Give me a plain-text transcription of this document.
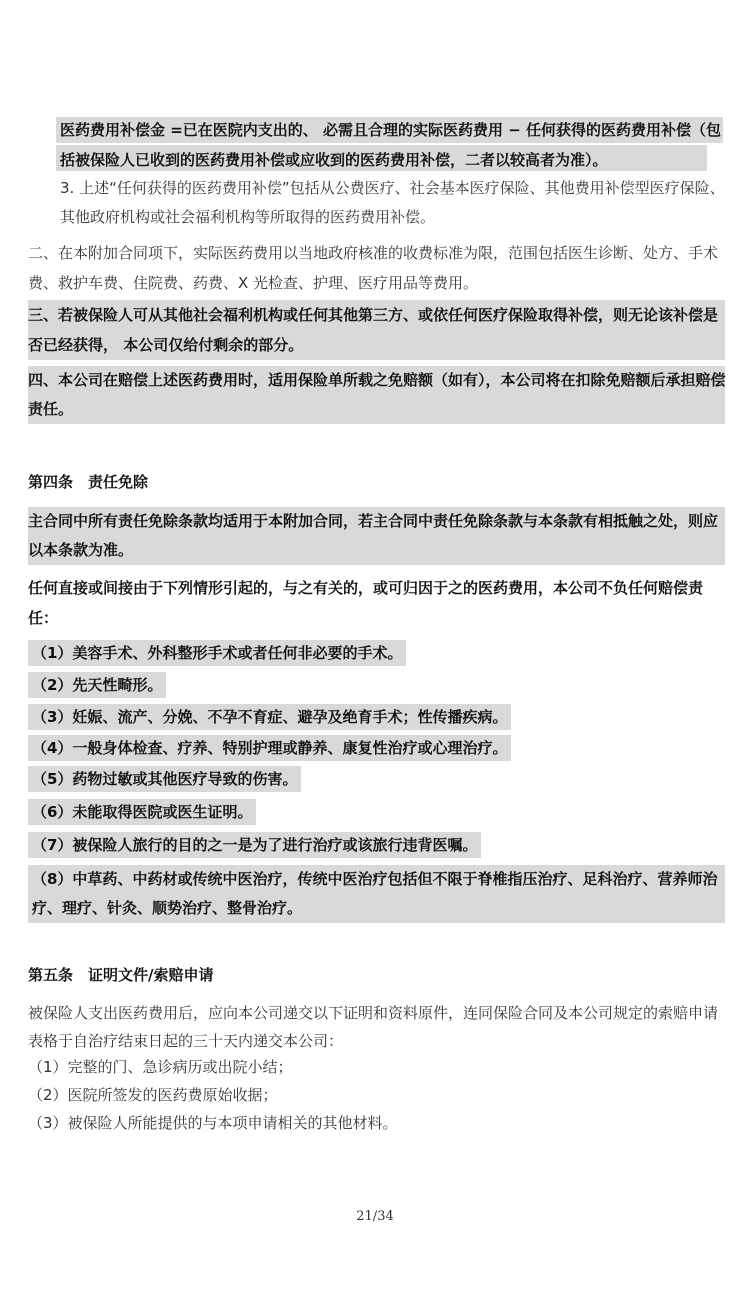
医药费用补偿金 =已在医院内支出的、 必需且合理的实际医药费用 − 任何获得的医药费用补偿（包括被保险人已收到的医药费用补偿或应收到的医药费用补偿，二者以较高者为准）。
3. 上述“任何获得的医药费用补偿”包括从公费医疗、社会基本医疗保险、其他费用补偿型医疗保险、其他政府机构或社会福利机构等所取得的医药费用补偿。
二、在本附加合同项下，实际医药费用以当地政府核准的收费标准为限，范围包括医生诊断、处方、手术费、救护车费、住院费、药费、X 光检查、护理、医疗用品等费用。
三、若被保险人可从其他社会福利机构或任何其他第三方、或依任何医疗保险取得补偿，则无论该补偿是否已经获得， 本公司仅给付剩余的部分。
四、本公司在赔偿上述医药费用时，适用保险单所载之免赔额（如有），本公司将在扣除免赔额后承担赔偿责任。
第四条　责任免除
主合同中所有责任免除条款均适用于本附加合同，若主合同中责任免除条款与本条款有相抵触之处，则应以本条款为准。
任何直接或间接由于下列情形引起的，与之有关的，或可归因于之的医药费用，本公司不负任何赔偿责任：
（1）美容手术、外科整形手术或者任何非必要的手术。
（2）先天性畸形。
（3）妊娠、流产、分娩、不孕不育症、避孕及绝育手术；性传播疾病。
（4）一般身体检查、疗养、特别护理或静养、康复性治疗或心理治疗。
（5）药物过敏或其他医疗导致的伤害。
（6）未能取得医院或医生证明。
（7）被保险人旅行的目的之一是为了进行治疗或该旅行违背医嘱。
（8）中草药、中药材或传统中医治疗，传统中医治疗包括但不限于脊椎指压治疗、足科治疗、营养师治疗、理疗、针灸、顺势治疗、整骨治疗。
第五条　证明文件/索赔申请
被保险人支出医药费用后，应向本公司递交以下证明和资料原件，连同保险合同及本公司规定的索赔申请表格于自治疗结束日起的三十天内递交本公司：
（1）完整的门、急诊病历或出院小结；
（2）医院所签发的医药费原始收据；
（3）被保险人所能提供的与本项申请相关的其他材料。
21/34
